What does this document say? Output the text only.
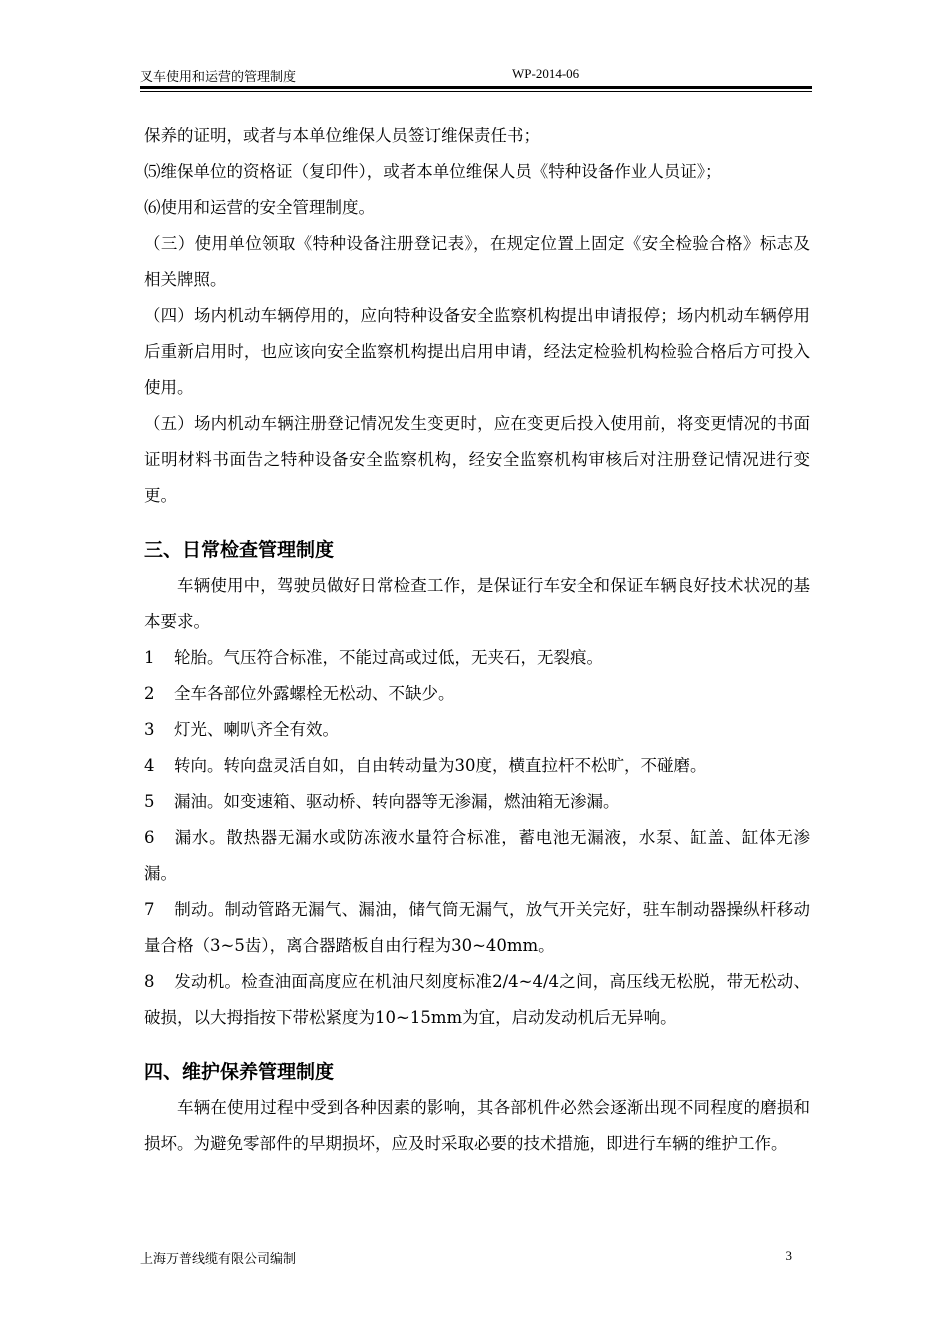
叉车使用和运营的管理制度	WP-2014-06

保养的证明，或者与本单位维保人员签订维保责任书；

⑸维保单位的资格证（复印件），或者本单位维保人员《特种设备作业人员证》；

⑹使用和运营的安全管理制度。

（三）使用单位领取《特种设备注册登记表》，在规定位置上固定《安全检验合格》标志及相关牌照。

（四）场内机动车辆停用的，应向特种设备安全监察机构提出申请报停；场内机动车辆停用后重新启用时，也应该向安全监察机构提出启用申请，经法定检验机构检验合格后方可投入使用。

（五）场内机动车辆注册登记情况发生变更时，应在变更后投入使用前，将变更情况的书面证明材料书面告之特种设备安全监察机构，经安全监察机构审核后对注册登记情况进行变更。

三、日常检查管理制度

车辆使用中，驾驶员做好日常检查工作，是保证行车安全和保证车辆良好技术状况的基本要求。

1 轮胎。气压符合标准，不能过高或过低，无夹石，无裂痕。

2 全车各部位外露螺栓无松动、不缺少。

3 灯光、喇叭齐全有效。

4 转向。转向盘灵活自如，自由转动量为30度，横直拉杆不松旷，不碰磨。

5 漏油。如变速箱、驱动桥、转向器等无渗漏，燃油箱无渗漏。

6 漏水。散热器无漏水或防冻液水量符合标准，蓄电池无漏液，水泵、缸盖、缸体无渗漏。

7 制动。制动管路无漏气、漏油，储气筒无漏气，放气开关完好，驻车制动器操纵杆移动量合格（3~5齿），离合器踏板自由行程为30~40mm。

8 发动机。检查油面高度应在机油尺刻度标准2/4~4/4之间，高压线无松脱，带无松动、破损，以大拇指按下带松紧度为10~15mm为宜，启动发动机后无异响。

四、维护保养管理制度

车辆在使用过程中受到各种因素的影响，其各部机件必然会逐渐出现不同程度的磨损和损坏。为避免零部件的早期损坏，应及时采取必要的技术措施，即进行车辆的维护工作。

上海万普线缆有限公司编制	3
